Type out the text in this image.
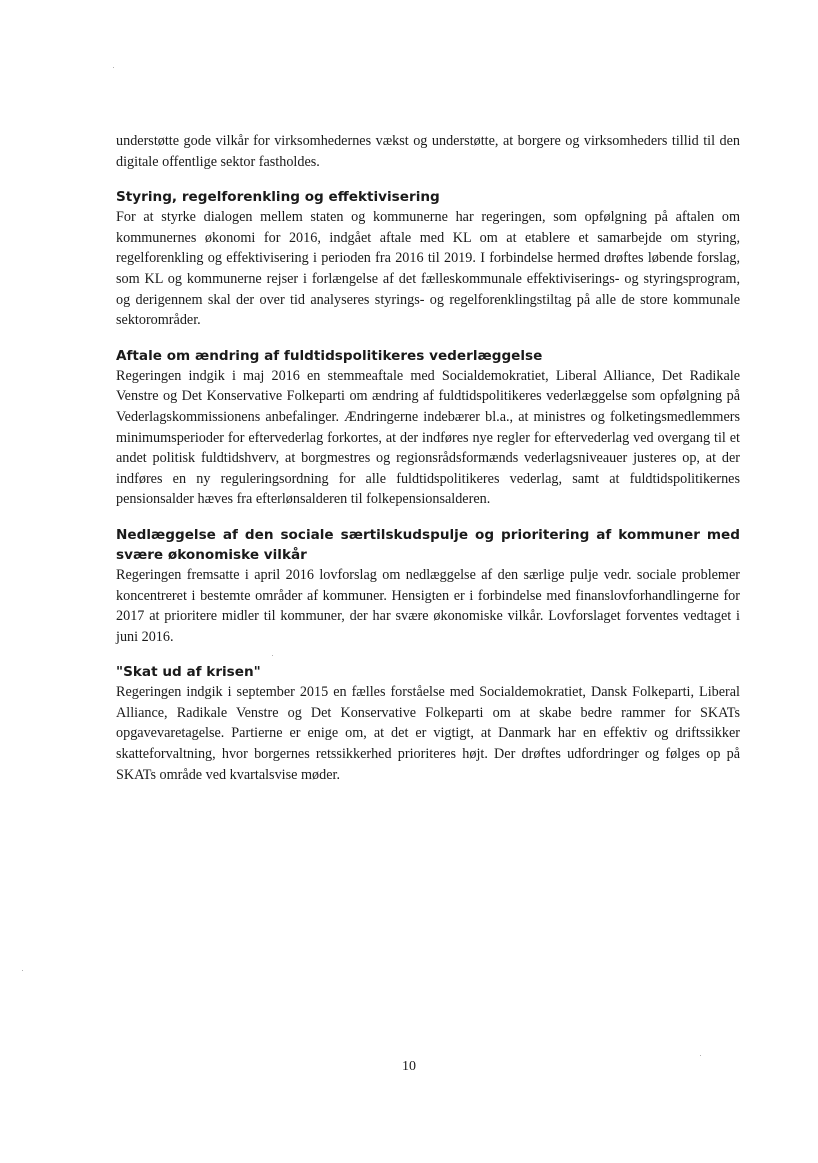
understøtte gode vilkår for virksomhedernes vækst og understøtte, at borgere og virksomheders tillid til den digitale offentlige sektor fastholdes.

Styring, regelforenkling og effektivisering

For at styrke dialogen mellem staten og kommunerne har regeringen, som opfølgning på aftalen om kommunernes økonomi for 2016, indgået aftale med KL om at etablere et samarbejde om styring, regelforenkling og effektivisering i perioden fra 2016 til 2019. I forbindelse hermed drøftes løbende forslag, som KL og kommunerne rejser i forlængelse af det fælleskommunale effektiviserings- og styringsprogram, og derigennem skal der over tid analyseres styrings- og regelforenklingstiltag på alle de store kommunale sektorområder.

Aftale om ændring af fuldtidspolitikeres vederlæggelse

Regeringen indgik i maj 2016 en stemmeaftale med Socialdemokratiet, Liberal Alliance, Det Radikale Venstre og Det Konservative Folkeparti om ændring af fuldtidspolitikeres vederlæggelse som opfølgning på Vederlagskommissionens anbefalinger. Ændringerne indebærer bl.a., at ministres og folketingsmedlemmers minimumsperioder for eftervederlag forkortes, at der indføres nye regler for eftervederlag ved overgang til et andet politisk fuldtidshverv, at borgmestres og regionsrådsformænds vederlagsniveauer justeres op, at der indføres en ny reguleringsordning for alle fuldtidspolitikeres vederlag, samt at fuldtidspolitikernes pensionsalder hæves fra efterlønsalderen til folkepensionsalderen.

Nedlæggelse af den sociale særtilskudspulje og prioritering af kommuner med svære økonomiske vilkår

Regeringen fremsatte i april 2016 lovforslag om nedlæggelse af den særlige pulje vedr. sociale problemer koncentreret i bestemte områder af kommuner. Hensigten er i forbindelse med finanslovforhandlingerne for 2017 at prioritere midler til kommuner, der har svære økonomiske vilkår. Lovforslaget forventes vedtaget i juni 2016.

"Skat ud af krisen"

Regeringen indgik i september 2015 en fælles forståelse med Socialdemokratiet, Dansk Folkeparti, Liberal Alliance, Radikale Venstre og Det Konservative Folkeparti om at skabe bedre rammer for SKATs opgavevaretagelse. Partierne er enige om, at det er vigtigt, at Danmark har en effektiv og driftssikker skatteforvaltning, hvor borgernes retssikkerhed prioriteres højt. Der drøftes udfordringer og følges op på SKATs område ved kvartalsvise møder.

10
